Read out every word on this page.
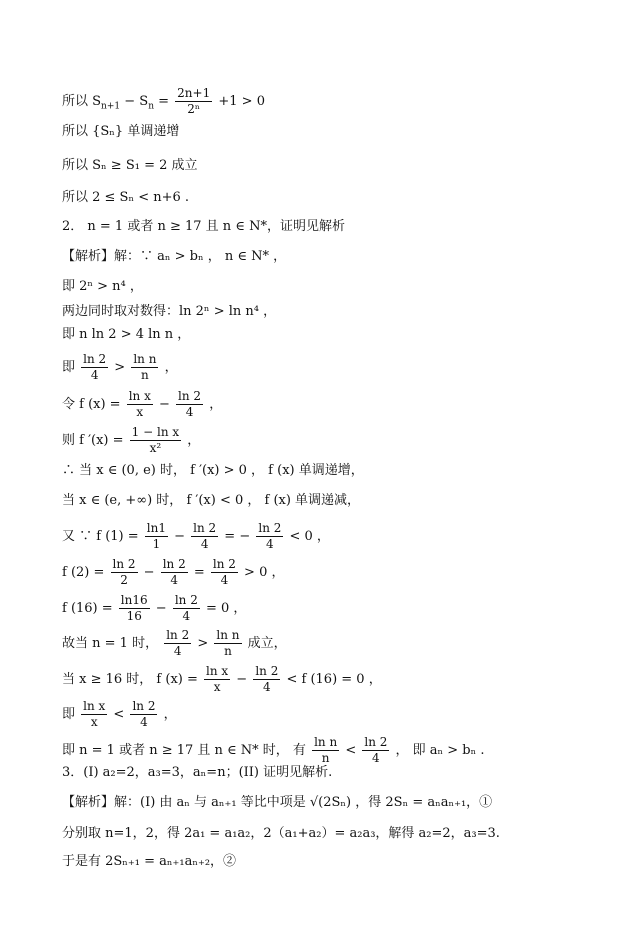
所以 $S_{n+1} - S_n = \frac{2n+1}{\text{2ⁿ}} +1 > 0$
所以 {Sₙ} 单调递增
所以 Sₙ ≥ S₁ = 2 成立
所以 2 ≤ Sₙ < n+6 .
2． n = 1 或者 n ≥ 17 且 n ∈ N*，证明见解析
【解析】解：∵ aₙ > bₙ ， n ∈ N* ，
即 2ⁿ > n⁴ ，
两边同时取对数得：ln 2ⁿ > ln n⁴ ，
即 n ln 2 > 4 ln n ，
即 $\frac{\ln 2}{4} > \frac{\text{ln n}}{n}$ ，
令 f $(x) = \frac{\text{ln x}}{x} - \frac{\ln 2}{4}$ ，
则 f $'(x) = \frac{\text{1 − ln x}}{\text{x²}}$ ，
∴ 当 x ∈ (0, e) 时， f ′(x) > 0 ， f (x) 单调递增，
当 x ∈ (e, +∞) 时， f ′(x) < 0 ， f (x) 单调递减，
又 ∵ f $(1) = \frac{\ln 1}{1} - \frac{\ln 2}{4}$ = − $\frac{\ln 2}{4} < 0$ ，
f $(2) = \frac{\ln 2}{2} - \frac{\ln 2}{4} = \frac{\ln 2}{4} > 0$ ，
f $(16) = \frac{\ln 16}{16} - \frac{\ln 2}{4} = 0$ ，
故当 n = 1 时， $\frac{\ln 2}{4} > \frac{\text{ln n}}{n}$ 成立，
当 x ≥ 16 时， f $(x) = \frac{\text{ln x}}{x} - \frac{\ln 2}{4} < f$ (16) = 0 ，
即 $\frac{\text{ln x}}{x} < \frac{\ln 2}{4}$ ，
即 n = 1 或者 n ≥ 17 且 n ∈ N* 时， 有 $\frac{\text{ln n}}{n} < \frac{\ln 2}{4}$ ， 即 aₙ > bₙ .
3．(I) a₂=2，a₃=3，aₙ=n；(II) 证明见解析.
【解析】解：(I) 由 aₙ 与 aₙ₊₁ 等比中项是 √(2Sₙ) ，得 2Sₙ = aₙaₙ₊₁，①
分别取 n=1，2，得 2a₁ = a₁a₂，2（a₁+a₂）= a₂a₃，解得 a₂=2，a₃=3.
于是有 2Sₙ₊₁ = aₙ₊₁aₙ₊₂，②
